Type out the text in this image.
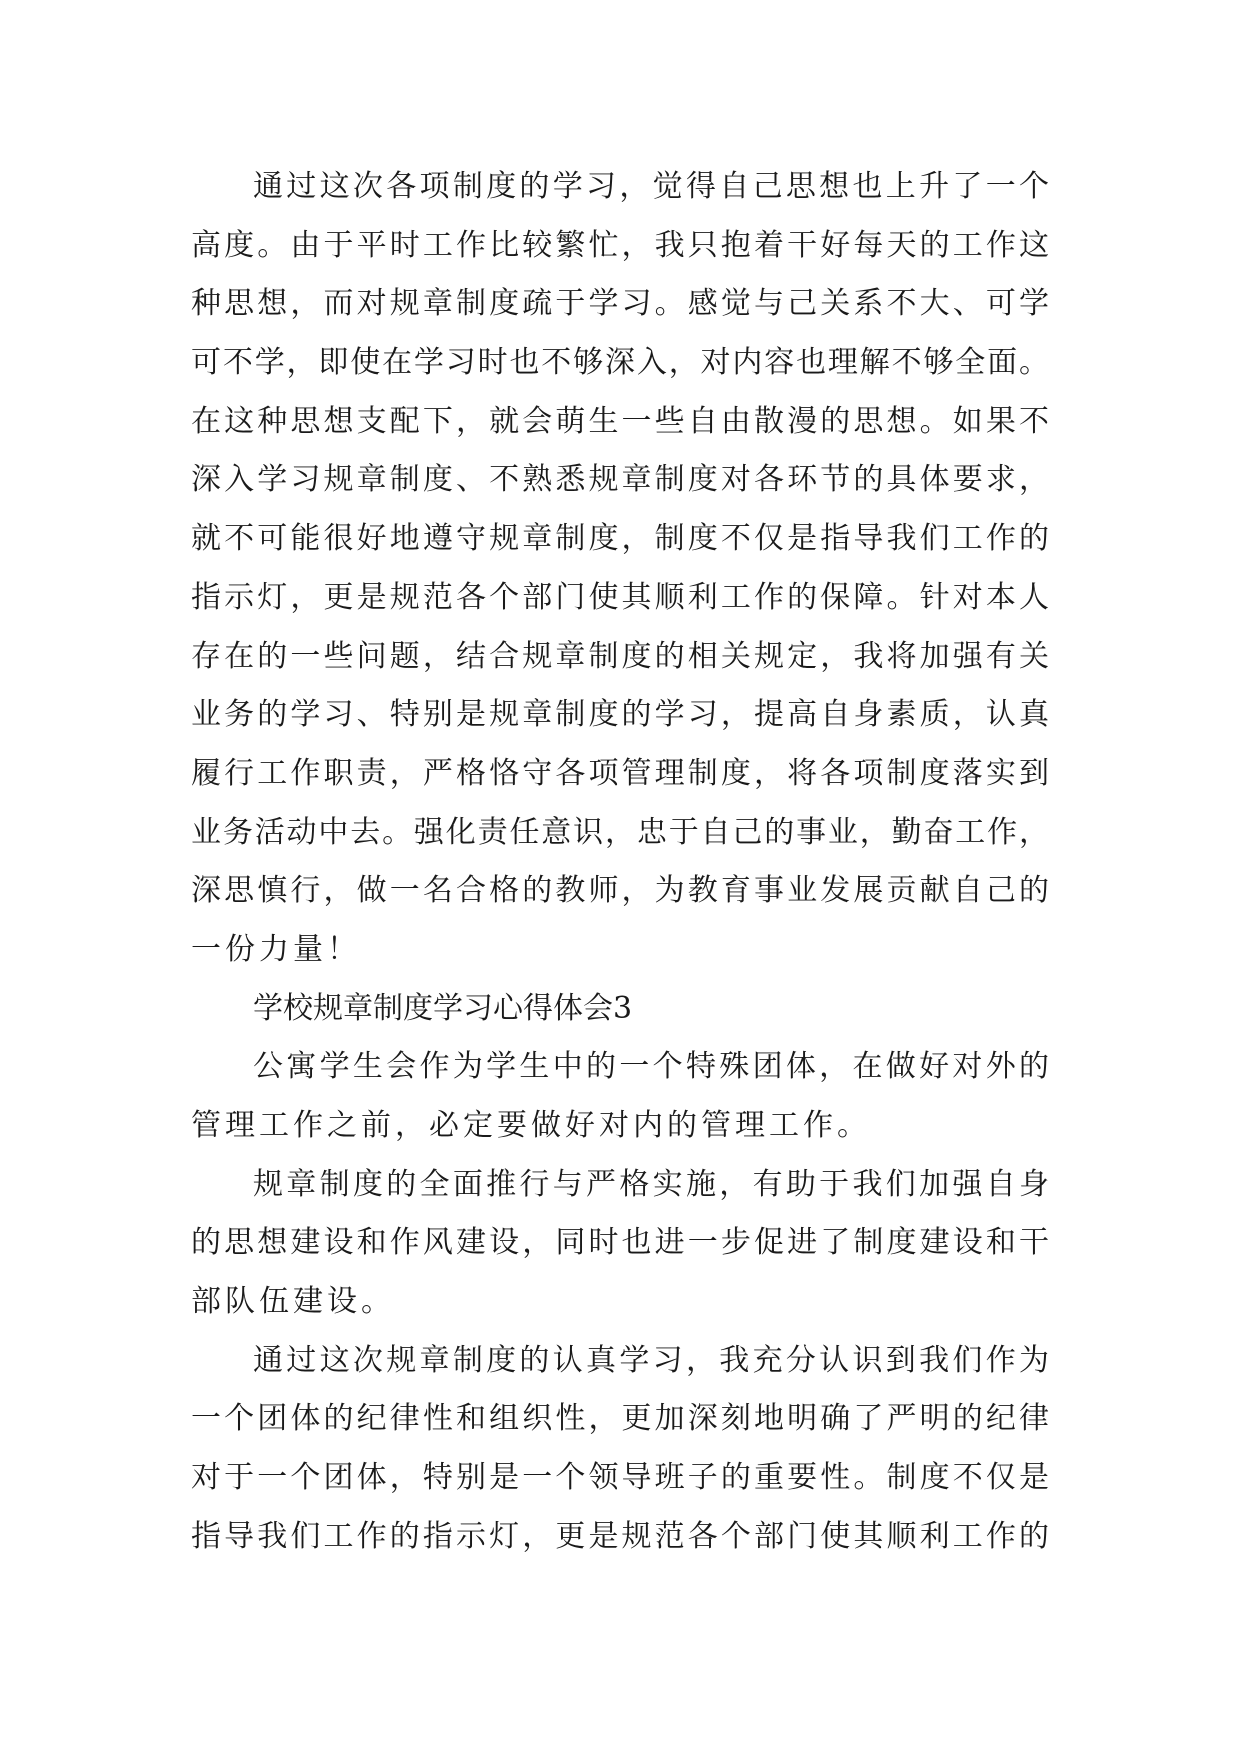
通过这次各项制度的学习，觉得自己思想也上升了一个
高度。由于平时工作比较繁忙，我只抱着干好每天的工作这
种思想，而对规章制度疏于学习。感觉与己关系不大、可学
可不学，即使在学习时也不够深入，对内容也理解不够全面。
在这种思想支配下，就会萌生一些自由散漫的思想。如果不
深入学习规章制度、不熟悉规章制度对各环节的具体要求，
就不可能很好地遵守规章制度，制度不仅是指导我们工作的
指示灯，更是规范各个部门使其顺利工作的保障。针对本人
存在的一些问题，结合规章制度的相关规定，我将加强有关
业务的学习、特别是规章制度的学习，提高自身素质，认真
履行工作职责，严格恪守各项管理制度，将各项制度落实到
业务活动中去。强化责任意识，忠于自己的事业，勤奋工作，
深思慎行，做一名合格的教师，为教育事业发展贡献自己的
一份力量！
学校规章制度学习心得体会3
公寓学生会作为学生中的一个特殊团体，在做好对外的
管理工作之前，必定要做好对内的管理工作。
规章制度的全面推行与严格实施，有助于我们加强自身
的思想建设和作风建设，同时也进一步促进了制度建设和干
部队伍建设。
通过这次规章制度的认真学习，我充分认识到我们作为
一个团体的纪律性和组织性，更加深刻地明确了严明的纪律
对于一个团体，特别是一个领导班子的重要性。制度不仅是
指导我们工作的指示灯，更是规范各个部门使其顺利工作的
